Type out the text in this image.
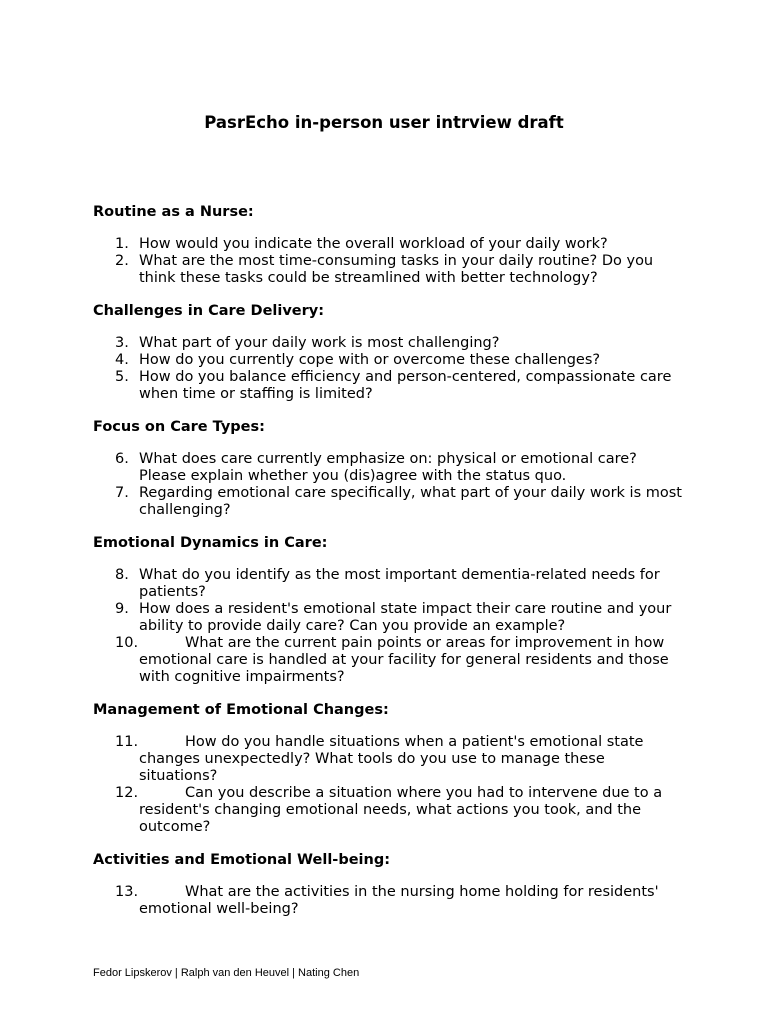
PasrEcho in-person user intrview draft
Routine as a Nurse:
1. How would you indicate the overall workload of your daily work?
2. What are the most time-consuming tasks in your daily routine? Do you think these tasks could be streamlined with better technology?
Challenges in Care Delivery:
3. What part of your daily work is most challenging?
4. How do you currently cope with or overcome these challenges?
5. How do you balance efficiency and person-centered, compassionate care when time or staffing is limited?
Focus on Care Types:
6. What does care currently emphasize on: physical or emotional care? Please explain whether you (dis)agree with the status quo.
7. Regarding emotional care specifically, what part of your daily work is most challenging?
Emotional Dynamics in Care:
8. What do you identify as the most important dementia-related needs for patients?
9. How does a resident's emotional state impact their care routine and your ability to provide daily care? Can you provide an example?
10.	What are the current pain points or areas for improvement in how emotional care is handled at your facility for general residents and those with cognitive impairments?
Management of Emotional Changes:
11.	How do you handle situations when a patient's emotional state changes unexpectedly? What tools do you use to manage these situations?
12.	Can you describe a situation where you had to intervene due to a resident's changing emotional needs, what actions you took, and the outcome?
Activities and Emotional Well-being:
13.	What are the activities in the nursing home holding for residents' emotional well-being?
Fedor Lipskerov | Ralph van den Heuvel | Nating Chen
